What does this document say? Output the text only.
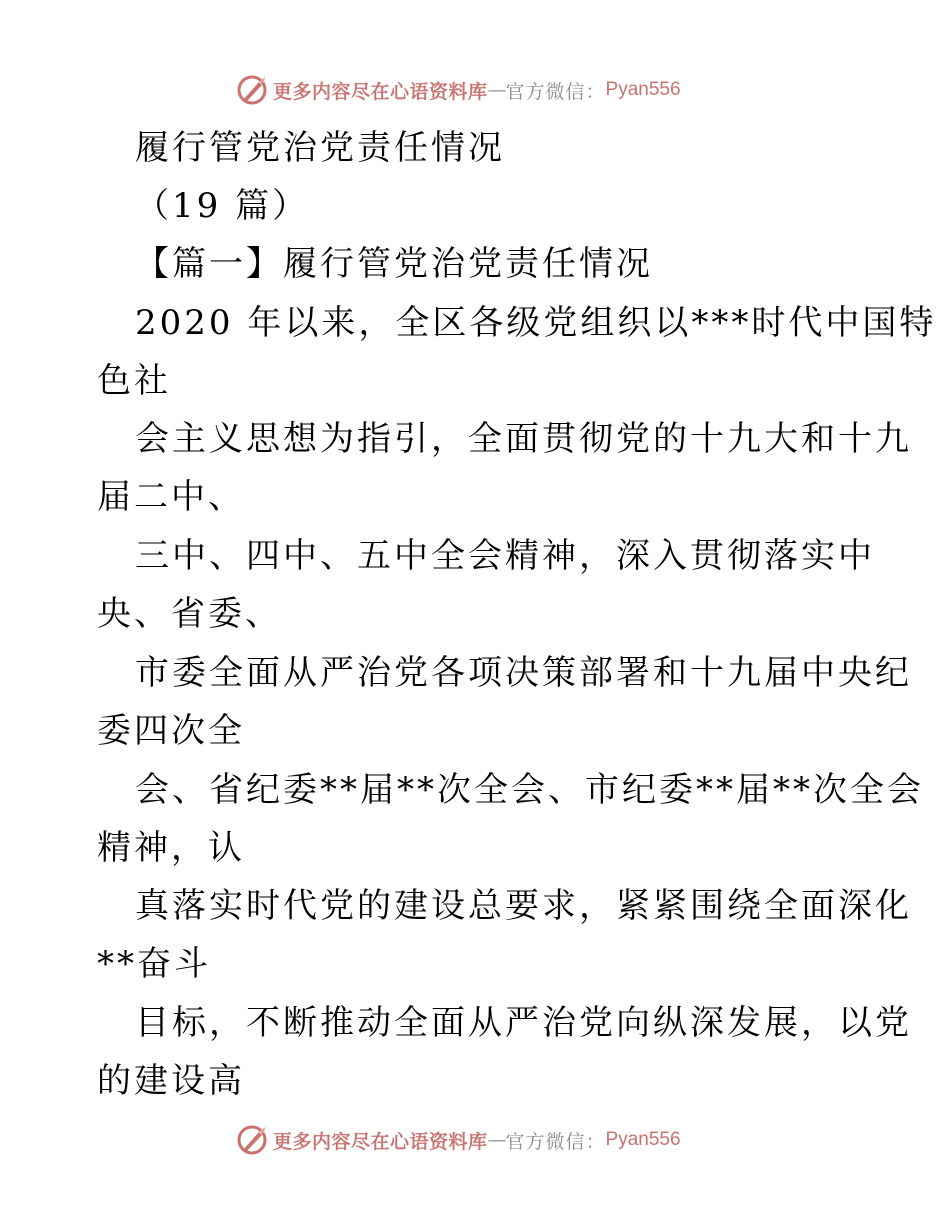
更多内容尽在心语资料库 — 官方微信： Pyan556
履行管党治党责任情况
（19 篇）
【篇一】履行管党治党责任情况
2020 年以来，全区各级党组织以***时代中国特
色社
会主义思想为指引，全面贯彻党的十九大和十九
届二中、
三中、四中、五中全会精神，深入贯彻落实中
央、省委、
市委全面从严治党各项决策部署和十九届中央纪
委四次全
会、省纪委**届**次全会、市纪委**届**次全会
精神，认
真落实时代党的建设总要求，紧紧围绕全面深化
**奋斗
目标，不断推动全面从严治党向纵深发展，以党
的建设高
更多内容尽在心语资料库 — 官方微信： Pyan556
